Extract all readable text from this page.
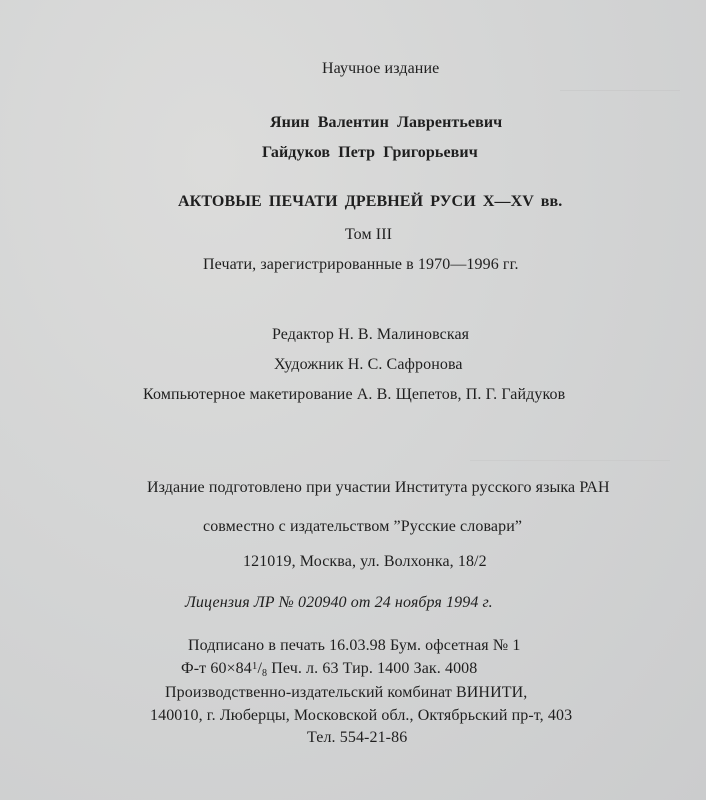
Научное издание
Янин Валентин Лаврентьевич
Гайдуков Петр Григорьевич
АКТОВЫЕ ПЕЧАТИ ДРЕВНЕЙ РУСИ X—XV вв.
Том III
Печати, зарегистрированные в 1970—1996 гг.
Редактор Н. В. Малиновская
Художник Н. С. Сафронова
Компьютерное макетирование А. В. Щепетов, П. Г. Гайдуков
Издание подготовлено при участии Института русского языка РАН
совместно с издательством ”Русские словари”
121019, Москва, ул. Волхонка, 18/2
Лицензия ЛР № 020940 от 24 ноября 1994 г.
Подписано в печать 16.03.98 Бум. офсетная № 1
Ф-т $60\times 84^1/8$ Печ. л. 63 Тир. 1400 Зак. 4008
Производственно-издательский комбинат ВИНИТИ,
140010, г. Люберцы, Московской обл., Октябрьский пр-т, 403
Тел. 554-21-86
